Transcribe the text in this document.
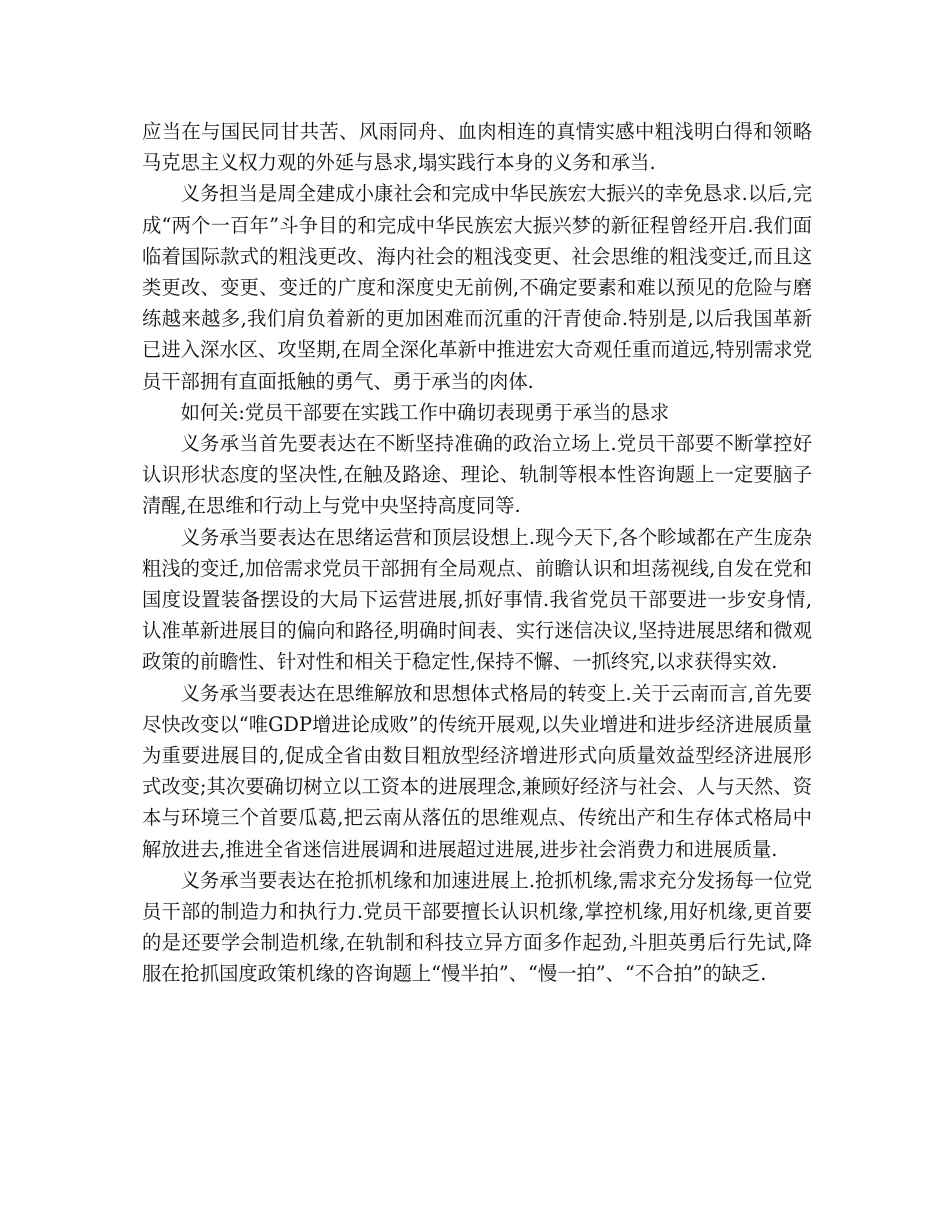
应当在与国民同甘共苦、风雨同舟、血肉相连的真情实感中粗浅明白得和领略马克思主义权力观的外延与恳求,塌实践行本身的义务和承当.

义务担当是周全建成小康社会和完成中华民族宏大振兴的幸免恳求.以后,完成“两个一百年”斗争目的和完成中华民族宏大振兴梦的新征程曾经开启.我们面临着国际款式的粗浅更改、海内社会的粗浅变更、社会思维的粗浅变迁,而且这类更改、变更、变迁的广度和深度史无前例,不确定要素和难以预见的危险与磨练越来越多,我们肩负着新的更加困难而沉重的汗青使命.特别是,以后我国革新已进入深水区、攻坚期,在周全深化革新中推进宏大奇观任重而道远,特别需求党员干部拥有直面抵触的勇气、勇于承当的肉体.

如何关:党员干部要在实践工作中确切表现勇于承当的恳求

义务承当首先要表达在不断坚持准确的政治立场上.党员干部要不断掌控好认识形状态度的坚决性,在触及路途、理论、轨制等根本性咨询题上一定要脑子清醒,在思维和行动上与党中央坚持高度同等.

义务承当要表达在思绪运营和顶层设想上.现今天下,各个畛域都在产生庞杂粗浅的变迁,加倍需求党员干部拥有全局观点、前瞻认识和坦荡视线,自发在党和国度设置装备摆设的大局下运营进展,抓好事情.我省党员干部要进一步安身情,认准革新进展目的偏向和路径,明确时间表、实行迷信决议,坚持进展思绪和微观政策的前瞻性、针对性和相关于稳定性,保持不懈、一抓终究,以求获得实效.

义务承当要表达在思维解放和思想体式格局的转变上.关于云南而言,首先要尽快改变以“唯GDP增进论成败”的传统开展观,以失业增进和进步经济进展质量为重要进展目的,促成全省由数目粗放型经济增进形式向质量效益型经济进展形式改变;其次要确切树立以工资本的进展理念,兼顾好经济与社会、人与天然、资本与环境三个首要瓜葛,把云南从落伍的思维观点、传统出产和生存体式格局中解放进去,推进全省迷信进展调和进展超过进展,进步社会消费力和进展质量.

义务承当要表达在抢抓机缘和加速进展上.抢抓机缘,需求充分发扬每一位党员干部的制造力和执行力.党员干部要擅长认识机缘,掌控机缘,用好机缘,更首要的是还要学会制造机缘,在轨制和科技立异方面多作起劲,斗胆英勇后行先试,降服在抢抓国度政策机缘的咨询题上“慢半拍”、“慢一拍”、“不合拍”的缺乏.
